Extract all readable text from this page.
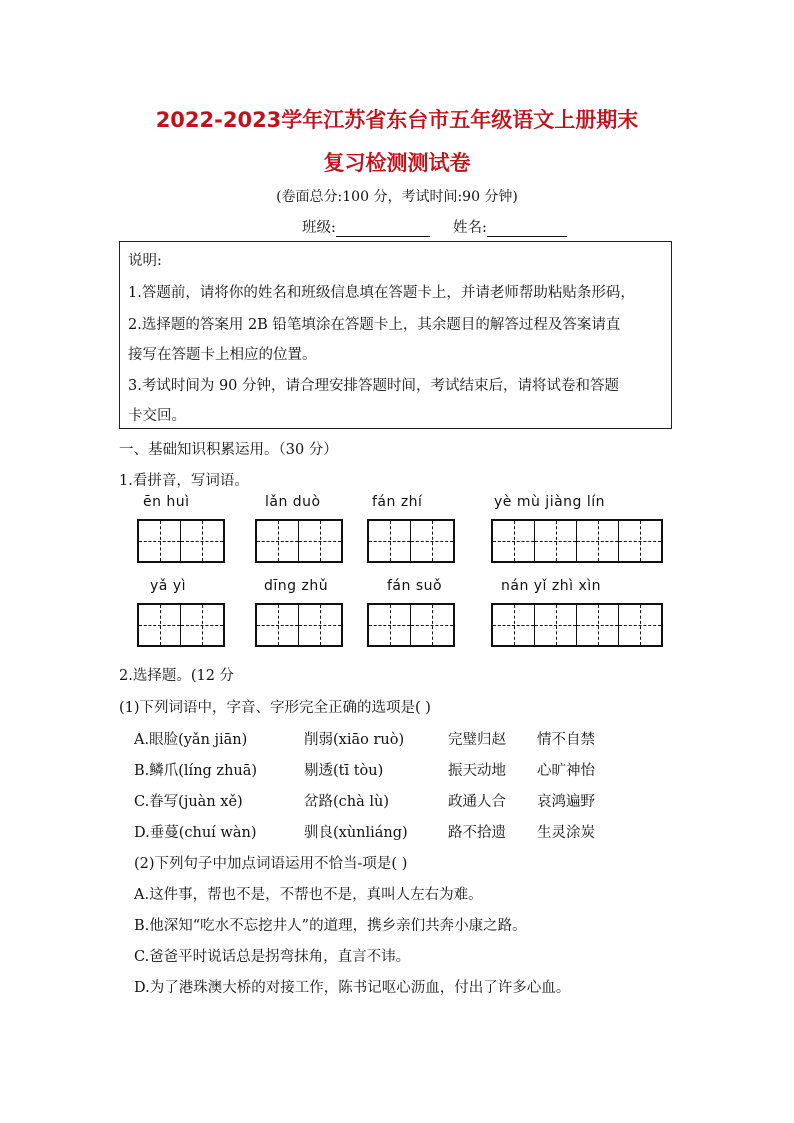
2022-2023学年江苏省东台市五年级语文上册期末
复习检测测试卷
(卷面总分:100 分，考试时间:90 分钟)
班级:	姓名:
说明:
1.答题前，请将你的姓名和班级信息填在答题卡上，并请老师帮助粘贴条形码，
2.选择题的答案用 2B 铅笔填涂在答题卡上，其余题目的解答过程及答案请直
接写在答题卡上相应的位置。
3.考试时间为 90 分钟，请合理安排答题时间，考试结束后，请将试卷和答题
卡交回。
一、基础知识积累运用。（30 分）
1.看拼音，写词语。
ēn huì	lǎn duò	fán zhí	yè mù jiàng lín
yǎ yì	dīng zhǔ	fán suǒ	nán yǐ zhì xìn
2.选择题。(12 分
(1)下列词语中，字音、字形完全正确的选项是( )
A.眼脸(yǎn jiān)	削弱(xiāo ruò)	完璧归赵 情不自禁
B.鳞爪(líng zhuā)	剔透(tī tòu)	振天动地 心旷神怡
C.眷写(juàn xě)	岔路(chà lù)	政通人合 哀鸿遍野
D.垂蔓(chuí wàn)	驯良(xùnliáng)	路不拾遗 生灵涂炭
(2)下列句子中加点词语运用不恰当-项是( )
A.这件事，帮也不是，不帮也不是，真叫人左右为难。
B.他深知“吃水不忘挖井人”的道理，携乡亲们共奔小康之路。
C.爸爸平时说话总是拐弯抹角，直言不讳。
D.为了港珠澳大桥的对接工作，陈书记呕心沥血，付出了许多心血。
